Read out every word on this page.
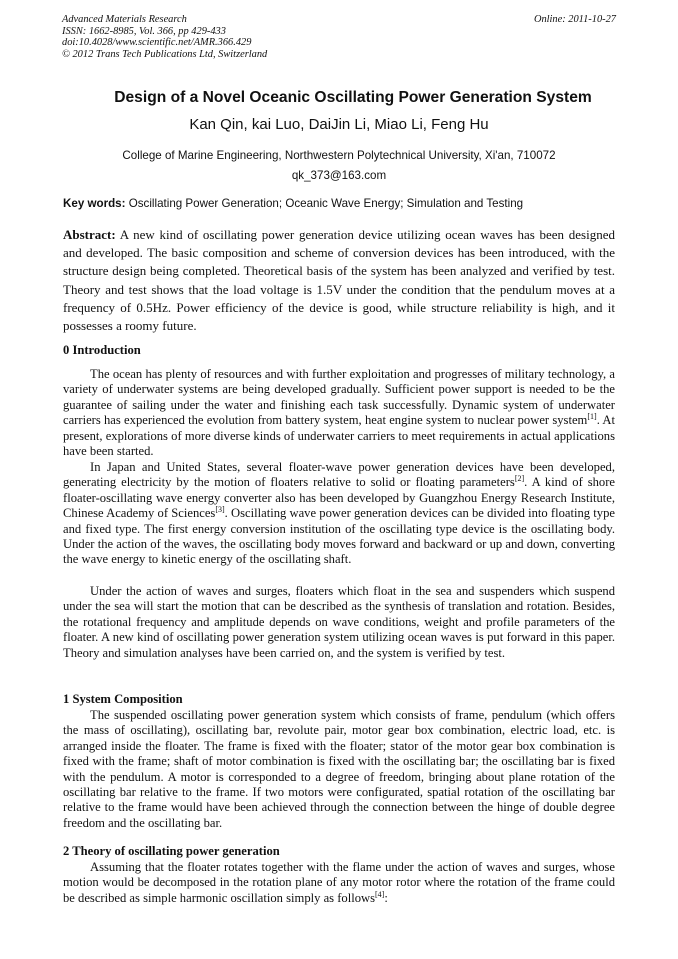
Advanced Materials Research
ISSN: 1662-8985, Vol. 366, pp 429-433
doi:10.4028/www.scientific.net/AMR.366.429
© 2012 Trans Tech Publications Ltd, Switzerland
Online: 2011-10-27
Design of a Novel Oceanic Oscillating Power Generation System
Kan Qin, kai Luo, DaiJin Li, Miao Li, Feng Hu
College of Marine Engineering, Northwestern Polytechnical University, Xi'an, 710072
qk_373@163.com
Key words: Oscillating Power Generation; Oceanic Wave Energy; Simulation and Testing
Abstract: A new kind of oscillating power generation device utilizing ocean waves has been designed and developed. The basic composition and scheme of conversion devices has been introduced, with the structure design being completed. Theoretical basis of the system has been analyzed and verified by test. Theory and test shows that the load voltage is 1.5V under the condition that the pendulum moves at a frequency of 0.5Hz. Power efficiency of the device is good, while structure reliability is high, and it possesses a roomy future.
0 Introduction
The ocean has plenty of resources and with further exploitation and progresses of military technology, a variety of underwater systems are being developed gradually. Sufficient power support is needed to be the guarantee of sailing under the water and finishing each task successfully. Dynamic system of underwater carriers has experienced the evolution from battery system, heat engine system to nuclear power system[1]. At present, explorations of more diverse kinds of underwater carriers to meet requirements in actual applications have been started.
In Japan and United States, several floater-wave power generation devices have been developed, generating electricity by the motion of floaters relative to solid or floating parameters[2]. A kind of shore floater-oscillating wave energy converter also has been developed by Guangzhou Energy Research Institute, Chinese Academy of Sciences[3]. Oscillating wave power generation devices can be divided into floating type and fixed type. The first energy conversion institution of the oscillating type device is the oscillating body. Under the action of the waves, the oscillating body moves forward and backward or up and down, converting the wave energy to kinetic energy of the oscillating shaft.
Under the action of waves and surges, floaters which float in the sea and suspenders which suspend under the sea will start the motion that can be described as the synthesis of translation and rotation. Besides, the rotational frequency and amplitude depends on wave conditions, weight and profile parameters of the floater. A new kind of oscillating power generation system utilizing ocean waves is put forward in this paper. Theory and simulation analyses have been carried on, and the system is verified by test.
1 System Composition
The suspended oscillating power generation system which consists of frame, pendulum (which offers the mass of oscillating), oscillating bar, revolute pair, motor gear box combination, electric load, etc. is arranged inside the floater. The frame is fixed with the floater; stator of the motor gear box combination is fixed with the frame; shaft of motor combination is fixed with the oscillating bar; the oscillating bar is fixed with the pendulum. A motor is corresponded to a degree of freedom, bringing about plane rotation of the oscillating bar relative to the frame. If two motors were configurated, spatial rotation of the oscillating bar relative to the frame would have been achieved through the connection between the hinge of double degree freedom and the oscillating bar.
2 Theory of oscillating power generation
Assuming that the floater rotates together with the flame under the action of waves and surges, whose motion would be decomposed in the rotation plane of any motor rotor where the rotation of the frame could be described as simple harmonic oscillation simply as follows[4]:
